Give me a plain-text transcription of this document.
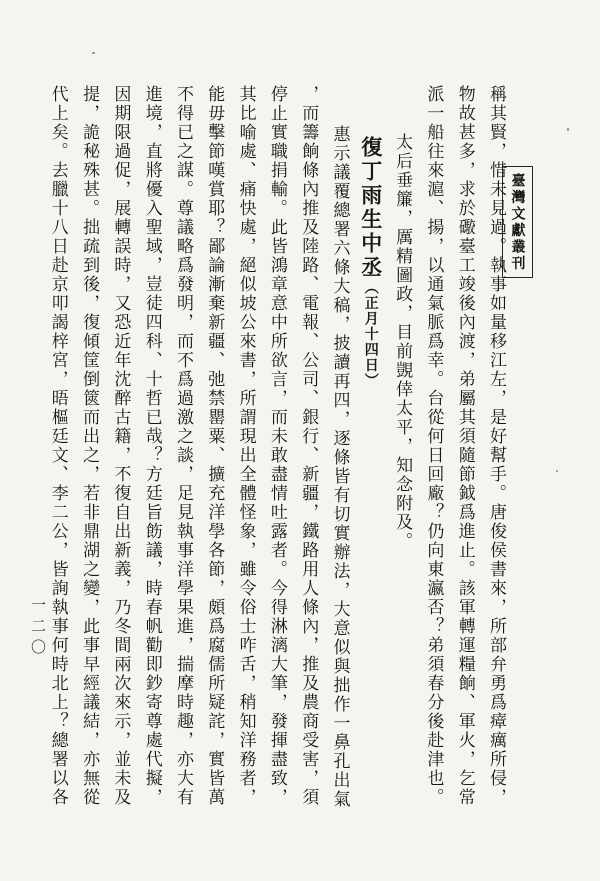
臺灣文獻叢刊
稱其賢，惜未見過。執事如量移江左，是好幫手。唐俊侯書來，所部弁勇爲瘴癘所侵，
物故甚多，求於礮臺工竣後內渡，弟屬其須隨節鉞爲進止。該軍轉運糧餉、軍火，乞常
派一船往來滬、揚，以通氣脈爲幸。台從何日回廠？仍向東瀛否？弟須春分後赴津也。
太后垂簾，厲精圖政，目前覬倖太平，知念附及。
復丁雨生中丞（正月十四日）
惠示議覆總署六條大稿，披讀再四，逐條皆有切實辦法，大意似與拙作一鼻孔出氣
，而籌餉條內推及陸路、電報、公司、銀行、新疆，鐵路用人條內，推及農商受害，須
停止實職捐輸。此皆鴻章意中所欲言，而未敢盡情吐露者。今得淋漓大筆，發揮盡致，
其比喻處、痛快處，絕似坡公來書，所謂現出全體怪象，雖令俗士咋舌，稍知洋務者，
能毋擊節嘆賞耶？鄙論漸棄新疆、弛禁罌粟、擴充洋學各節，頗爲腐儒所疑詫，實皆萬
不得已之謀。尊議略爲發明，而不爲過激之談，足見執事洋學果進，揣摩時趣，亦大有
進境，直將優入聖域，豈徒四科、十哲已哉？方廷旨飭議，時春帆勸即鈔寄尊處代擬，
因期限過促，展轉誤時，又恐近年沈醉古籍，不復自出新義，乃冬間兩次來示，並未及
提，詭秘殊甚。拙疏到後，復傾筐倒篋而出之，若非鼎湖之變，此事早經議結，亦無從
代上矣。去臘十八日赴京叩謁梓宮，晤樞廷文、李二公，皆詢執事何時北上？總署以各
一二〇
